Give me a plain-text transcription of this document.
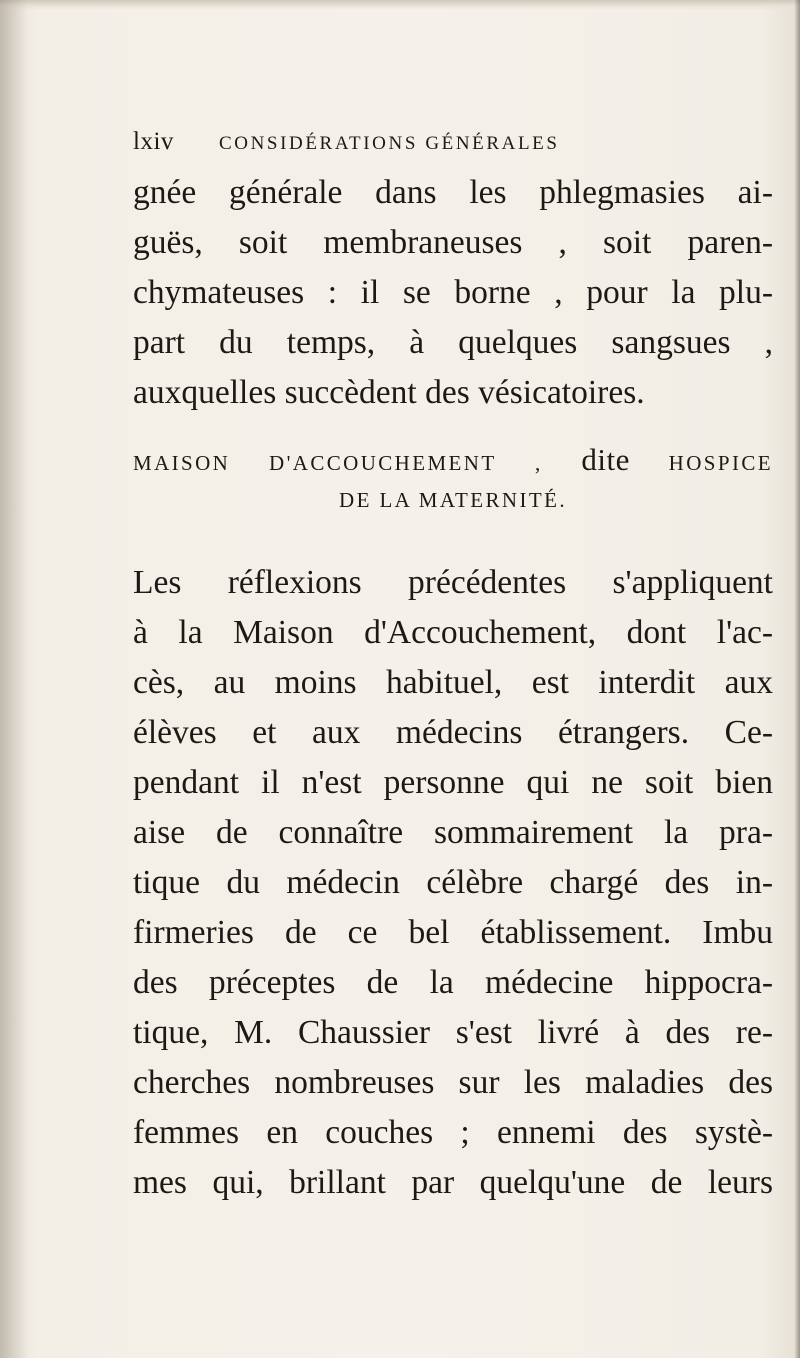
lxiv CONSIDÉRATIONS GÉNÉRALES
gnée générale dans les phlegmasies ai-
guës, soit membraneuses , soit paren-
chymateuses : il se borne , pour la plu-
part du temps, à quelques sangsues ,
auxquelles succèdent des vésicatoires.
MAISON D'ACCOUCHEMENT , dite HOSPICE
DE LA MATERNITÉ.
Les réflexions précédentes s'appliquent
à la Maison d'Accouchement, dont l'ac-
cès, au moins habituel, est interdit aux
élèves et aux médecins étrangers. Ce-
pendant il n'est personne qui ne soit bien
aise de connaître sommairement la pra-
tique du médecin célèbre chargé des in-
firmeries de ce bel établissement. Imbu
des préceptes de la médecine hippocra-
tique, M. Chaussier s'est livré à des re-
cherches nombreuses sur les maladies des
femmes en couches ; ennemi des systè-
mes qui, brillant par quelqu'une de leurs
